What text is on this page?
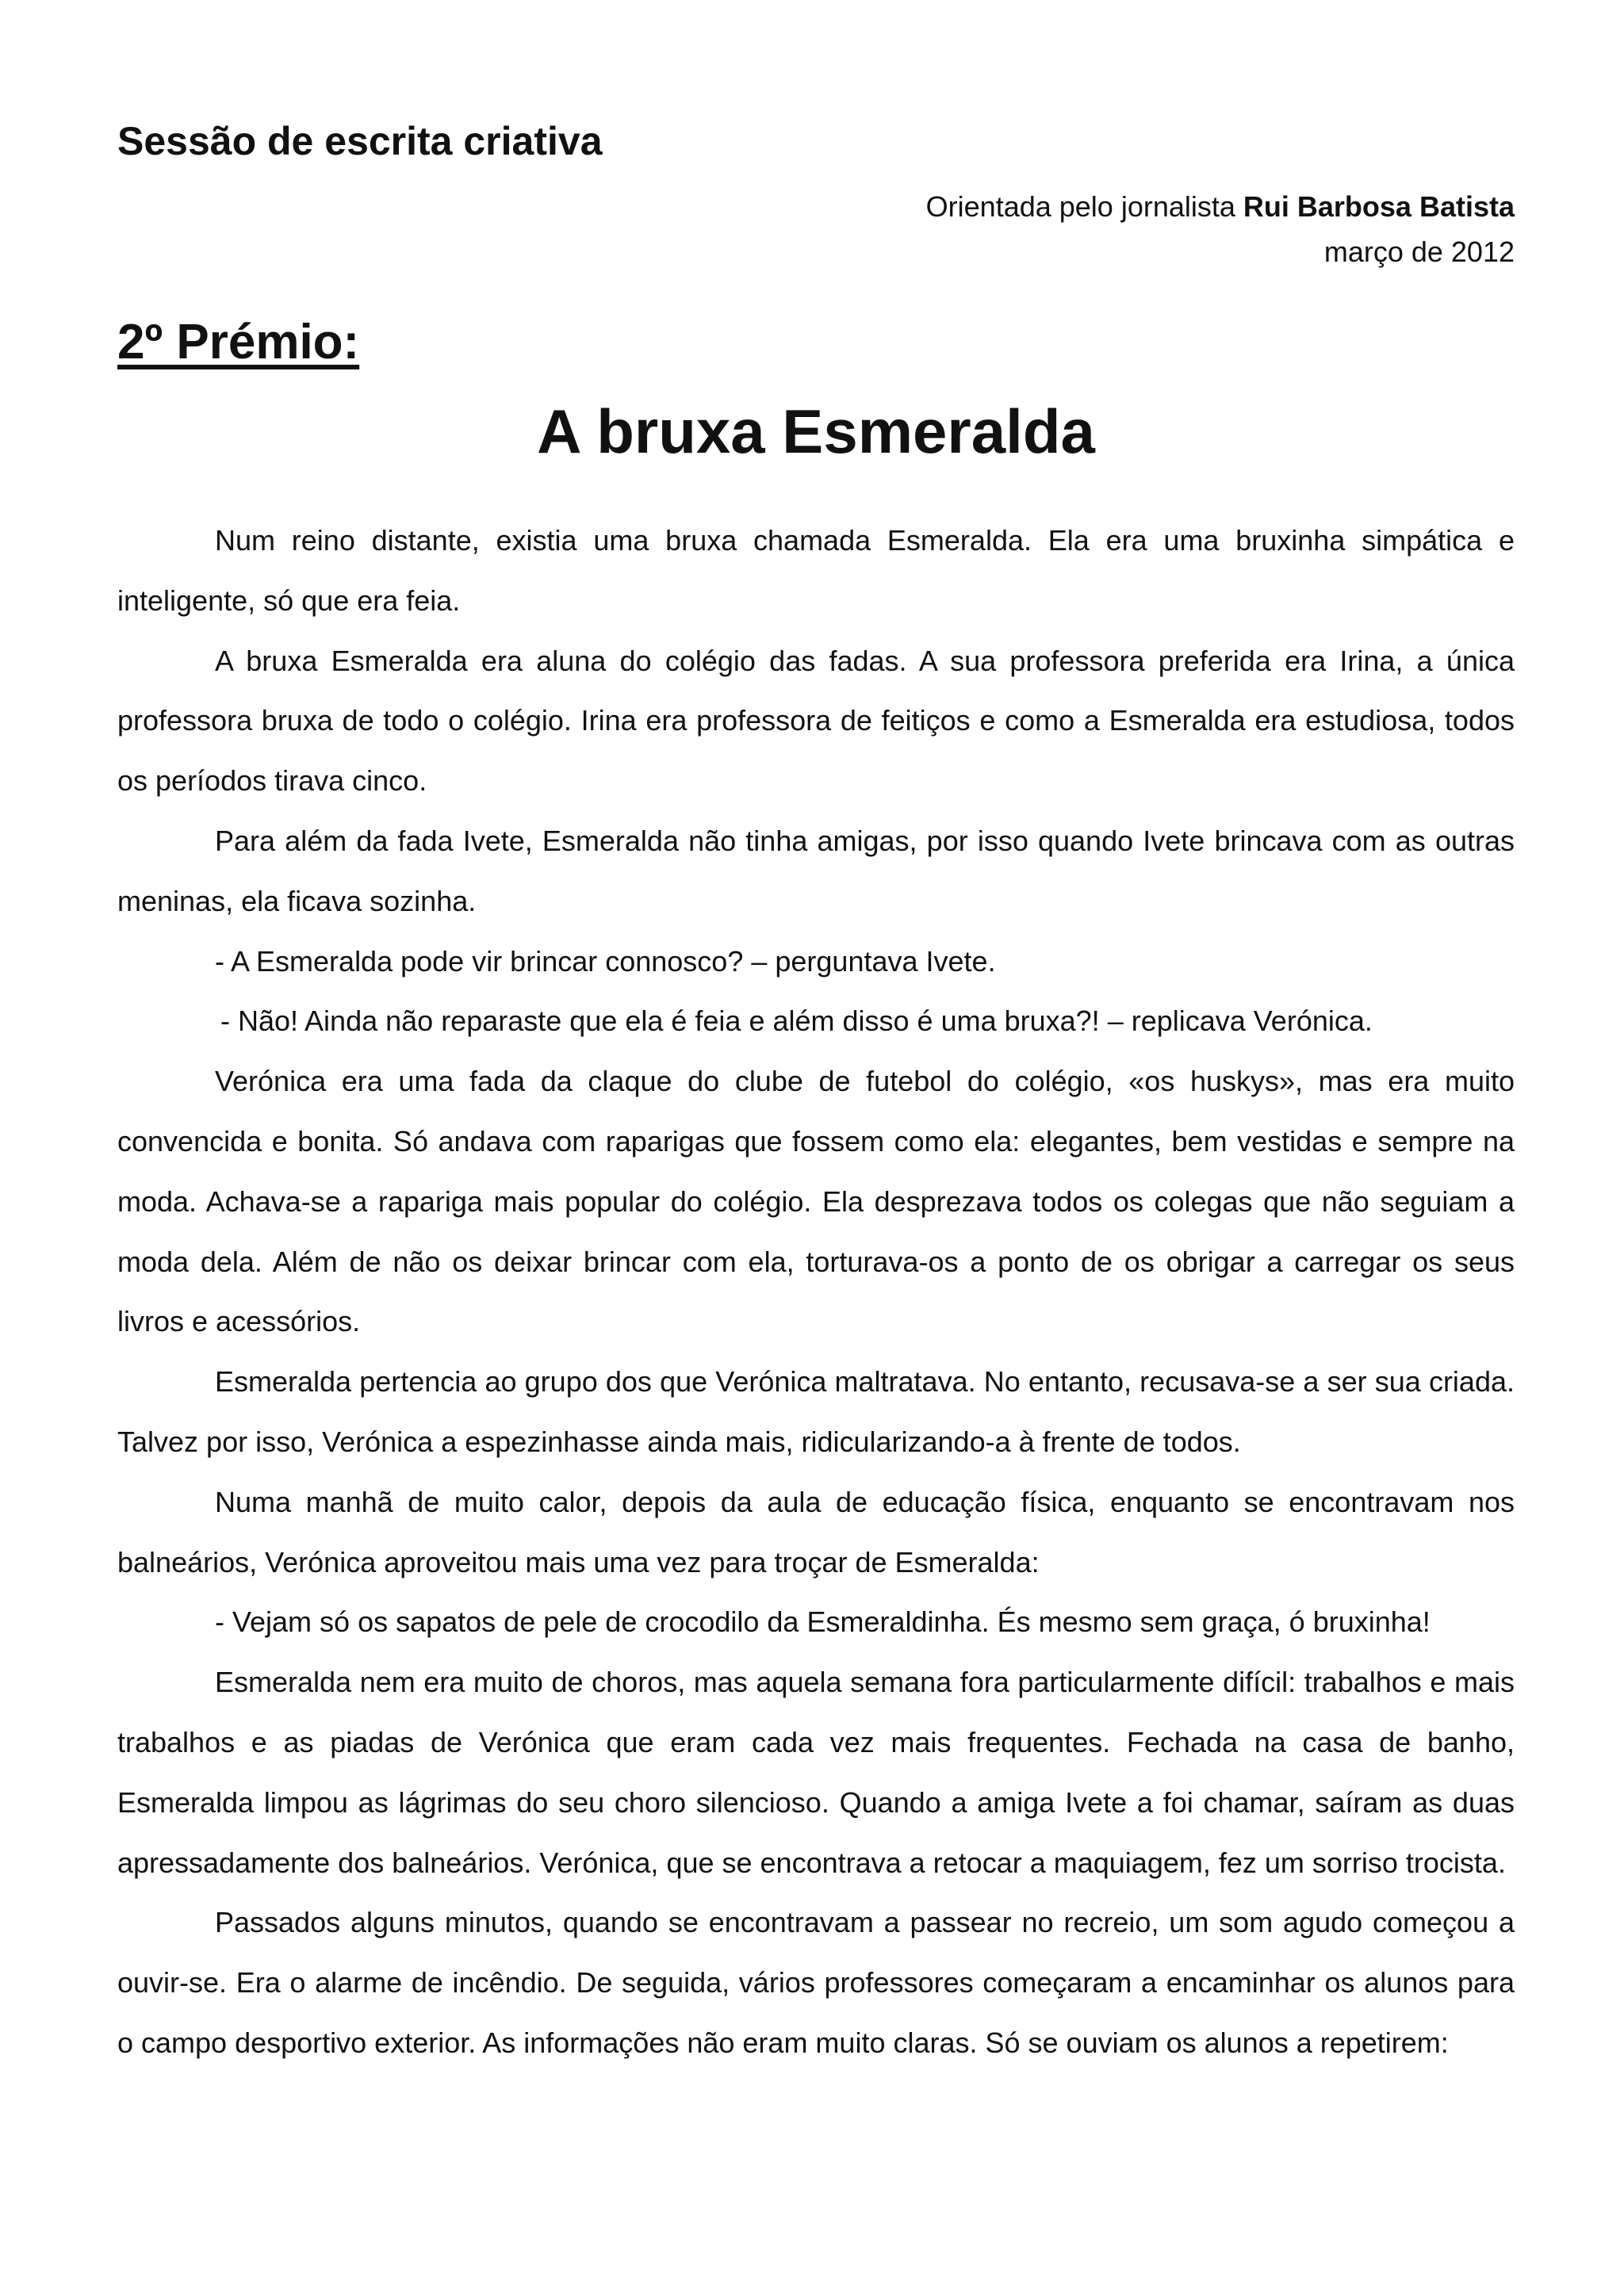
Sessão de escrita criativa
Orientada pelo jornalista Rui Barbosa Batista
março de 2012
2º Prémio:
A bruxa Esmeralda

Num reino distante, existia uma bruxa chamada Esmeralda. Ela era uma bruxinha simpática e inteligente, só que era feia.

A bruxa Esmeralda era aluna do colégio das fadas. A sua professora preferida era Irina, a única professora bruxa de todo o colégio. Irina era professora de feitiços e como a Esmeralda era estudiosa, todos os períodos tirava cinco.

Para além da fada Ivete, Esmeralda não tinha amigas, por isso quando Ivete brincava com as outras meninas, ela ficava sozinha.

- A Esmeralda pode vir brincar connosco? – perguntava Ivete.

- Não! Ainda não reparaste que ela é feia e além disso é uma bruxa?! – replicava Verónica.

Verónica era uma fada da claque do clube de futebol do colégio, «os huskys», mas era muito convencida e bonita. Só andava com raparigas que fossem como ela: elegantes, bem vestidas e sempre na moda. Achava-se a rapariga mais popular do colégio. Ela desprezava todos os colegas que não seguiam a moda dela. Além de não os deixar brincar com ela, torturava-os a ponto de os obrigar a carregar os seus livros e acessórios.

Esmeralda pertencia ao grupo dos que Verónica maltratava. No entanto, recusava-se a ser sua criada. Talvez por isso, Verónica a espezinhasse ainda mais, ridicularizando-a à frente de todos.

Numa manhã de muito calor, depois da aula de educação física, enquanto se encontravam nos balneários, Verónica aproveitou mais uma vez para troçar de Esmeralda:

- Vejam só os sapatos de pele de crocodilo da Esmeraldinha. És mesmo sem graça, ó bruxinha!

Esmeralda nem era muito de choros, mas aquela semana fora particularmente difícil: trabalhos e mais trabalhos e as piadas de Verónica que eram cada vez mais frequentes. Fechada na casa de banho, Esmeralda limpou as lágrimas do seu choro silencioso. Quando a amiga Ivete a foi chamar, saíram as duas apressadamente dos balneários. Verónica, que se encontrava a retocar a maquiagem, fez um sorriso trocista.

Passados alguns minutos, quando se encontravam a passear no recreio, um som agudo começou a ouvir-se. Era o alarme de incêndio. De seguida, vários professores começaram a encaminhar os alunos para o campo desportivo exterior. As informações não eram muito claras. Só se ouviam os alunos a repetirem:
